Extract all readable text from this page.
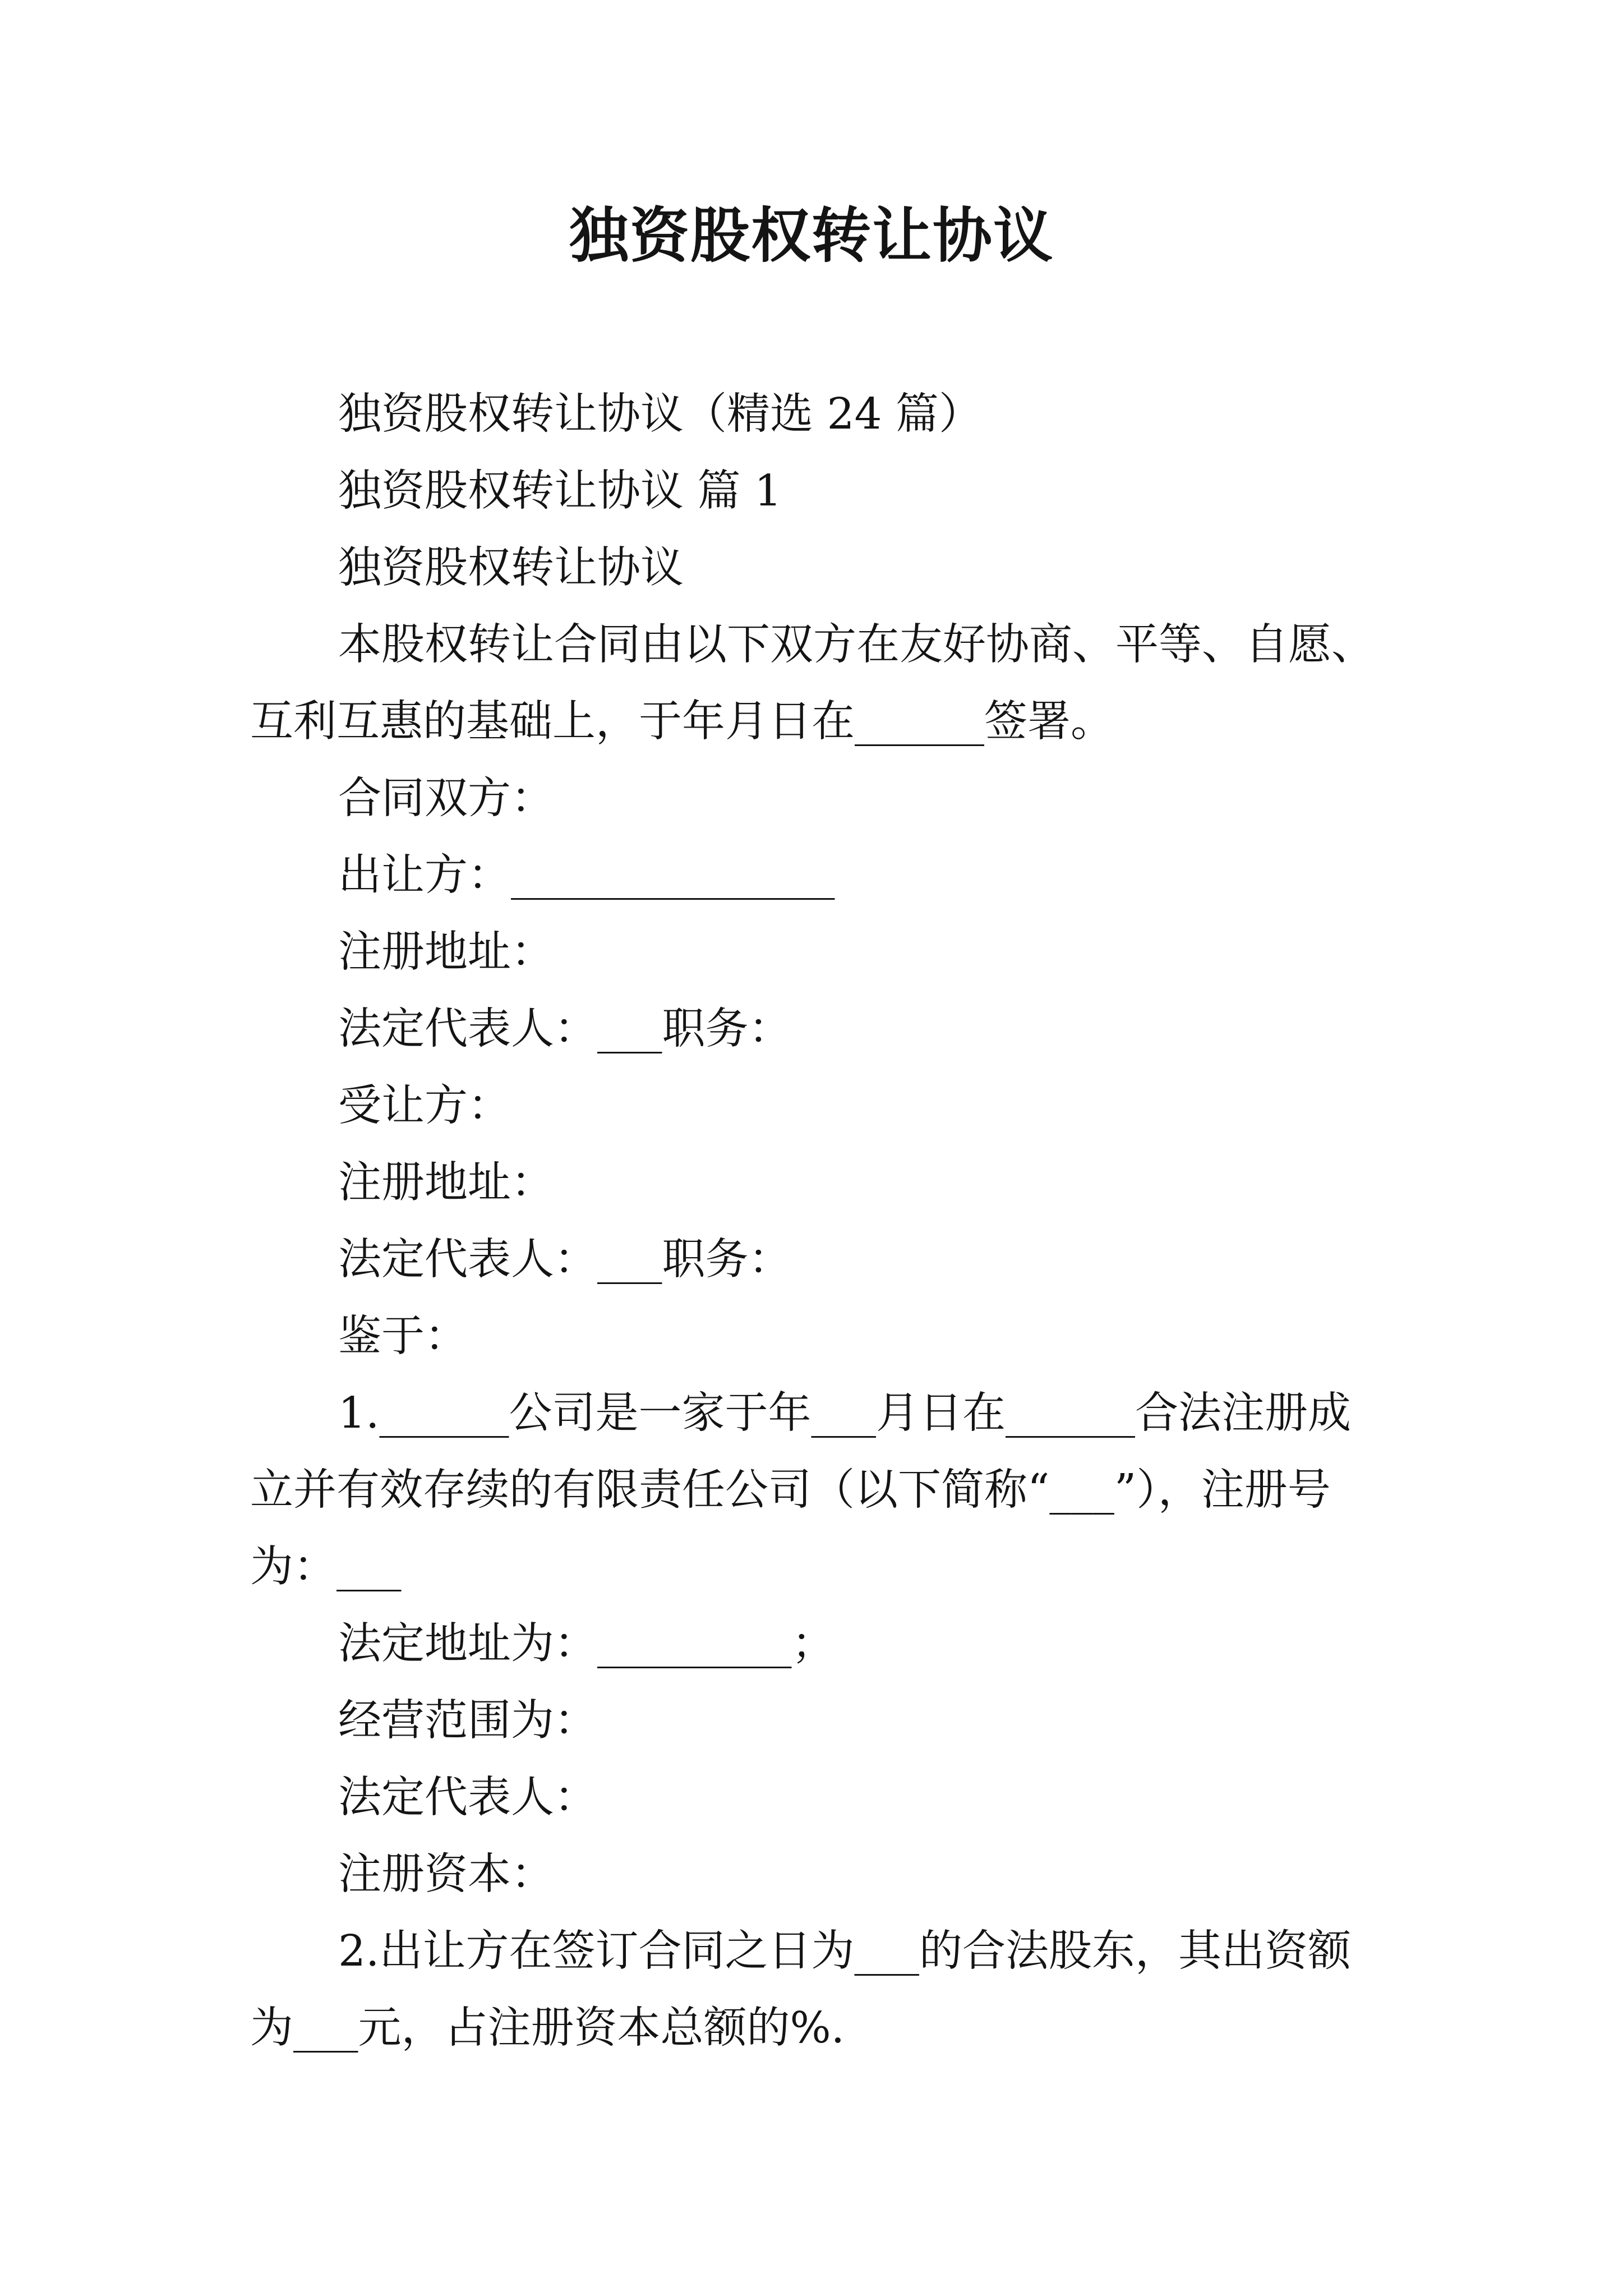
独资股权转让协议

独资股权转让协议（精选 24 篇）

独资股权转让协议 篇 1

独资股权转让协议

本股权转让合同由以下双方在友好协商、平等、自愿、
互利互惠的基础上，于年月日在______签署。

合同双方：

出让方：_______________

注册地址：

法定代表人：___职务：

受让方：

注册地址：

法定代表人：___职务：

鉴于：

1.______公司是一家于年___月日在______合法注册成
立并有效存续的有限责任公司（以下简称“___”），注册号
为：___

法定地址为：_________；

经营范围为：

法定代表人：

注册资本：

2.出让方在签订合同之日为___的合法股东，其出资额
为___元，占注册资本总额的%.
